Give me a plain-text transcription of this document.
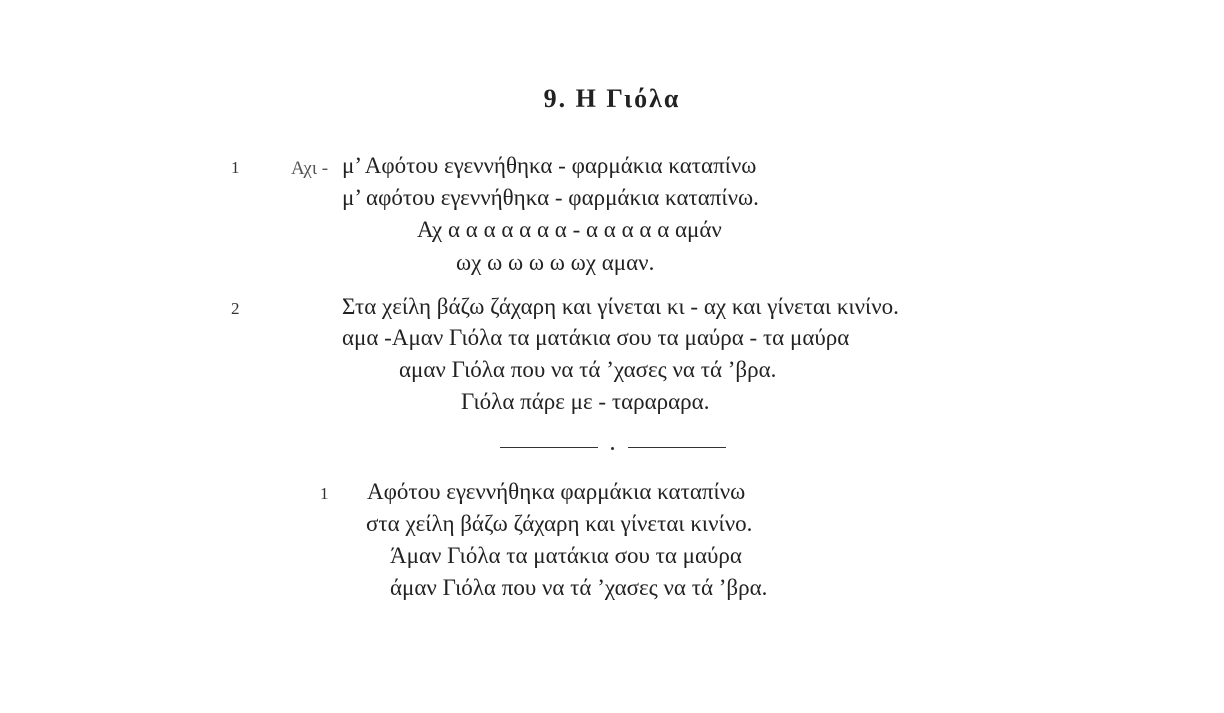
9. Η Γιόλα
1	Αχι - μ’ Αφότου εγεννήθηκα - φαρμάκια καταπίνω
μ’ αφότου εγεννήθηκα - φαρμάκια καταπίνω.
Αχ α α α α α α α - α α α α α αμάν
ωχ ω ω ω ω ωχ αμαν.
2	Στα χείλη βάζω ζάχαρη και γίνεται κι - αχ και γίνεται κινίνο.
αμα -Αμαν Γιόλα τα ματάκια σου τα μαύρα - τα μαύρα
αμαν Γιόλα που να τά ’χασες να τά ’βρα.
Γιόλα πάρε με - ταραραρα.
1 Αφότου εγεννήθηκα φαρμάκια καταπίνω
στα χείλη βάζω ζάχαρη και γίνεται κινίνο.
Άμαν Γιόλα τα ματάκια σου τα μαύρα
άμαν Γιόλα που να τά ’χασες να τά ’βρα.
